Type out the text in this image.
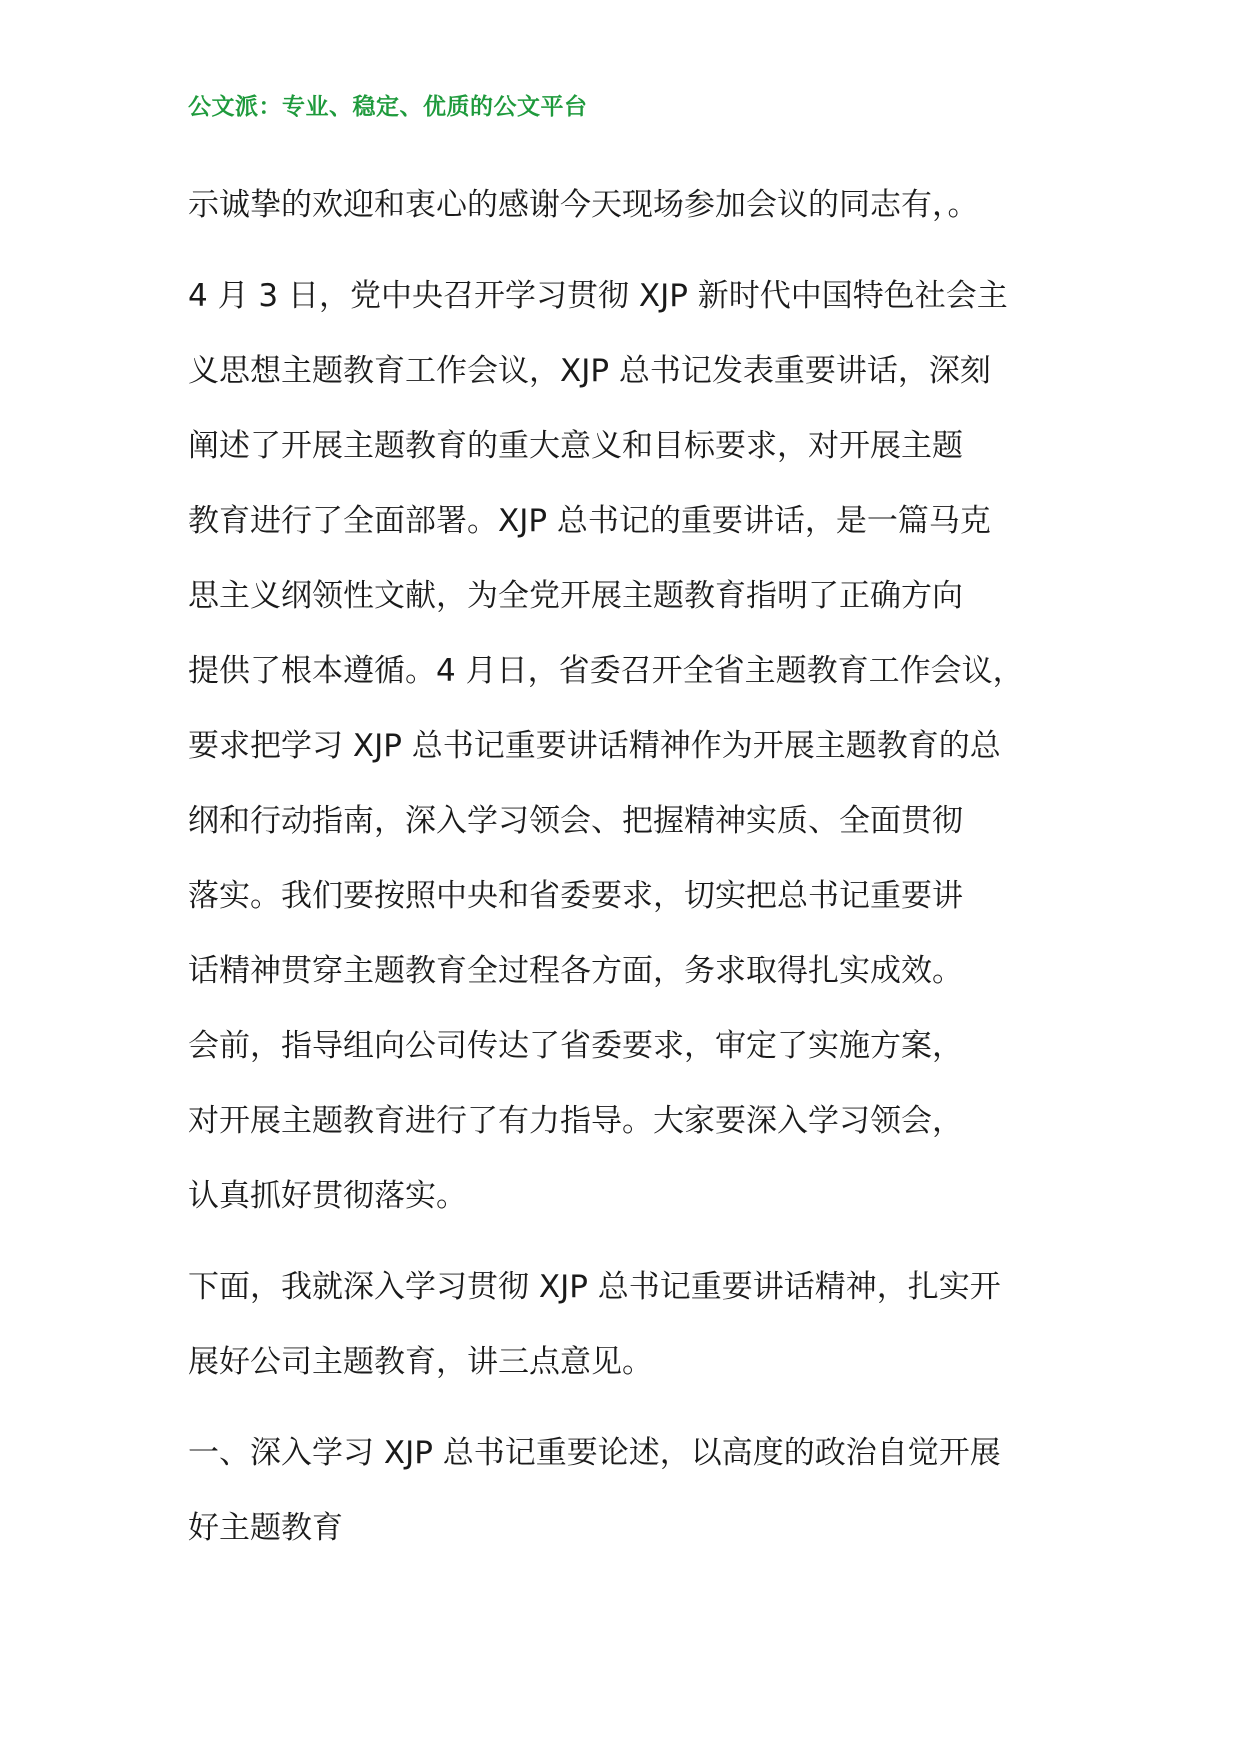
公文派：专业、稳定、优质的公文平台
示诚挚的欢迎和衷心的感谢今天现场参加会议的同志有，。
4 月 3 日，党中央召开学习贯彻 XJP 新时代中国特色社会主
义思想主题教育工作会议，XJP 总书记发表重要讲话，深刻
阐述了开展主题教育的重大意义和目标要求，对开展主题
教育进行了全面部署。XJP 总书记的重要讲话，是一篇马克
思主义纲领性文献，为全党开展主题教育指明了正确方向
提供了根本遵循。4 月日，省委召开全省主题教育工作会议，
要求把学习 XJP 总书记重要讲话精神作为开展主题教育的总
纲和行动指南，深入学习领会、把握精神实质、全面贯彻
落实。我们要按照中央和省委要求，切实把总书记重要讲
话精神贯穿主题教育全过程各方面，务求取得扎实成效。
会前，指导组向公司传达了省委要求，审定了实施方案，
对开展主题教育进行了有力指导。大家要深入学习领会，
认真抓好贯彻落实。
下面，我就深入学习贯彻 XJP 总书记重要讲话精神，扎实开
展好公司主题教育，讲三点意见。
一、深入学习 XJP 总书记重要论述，以高度的政治自觉开展
好主题教育
